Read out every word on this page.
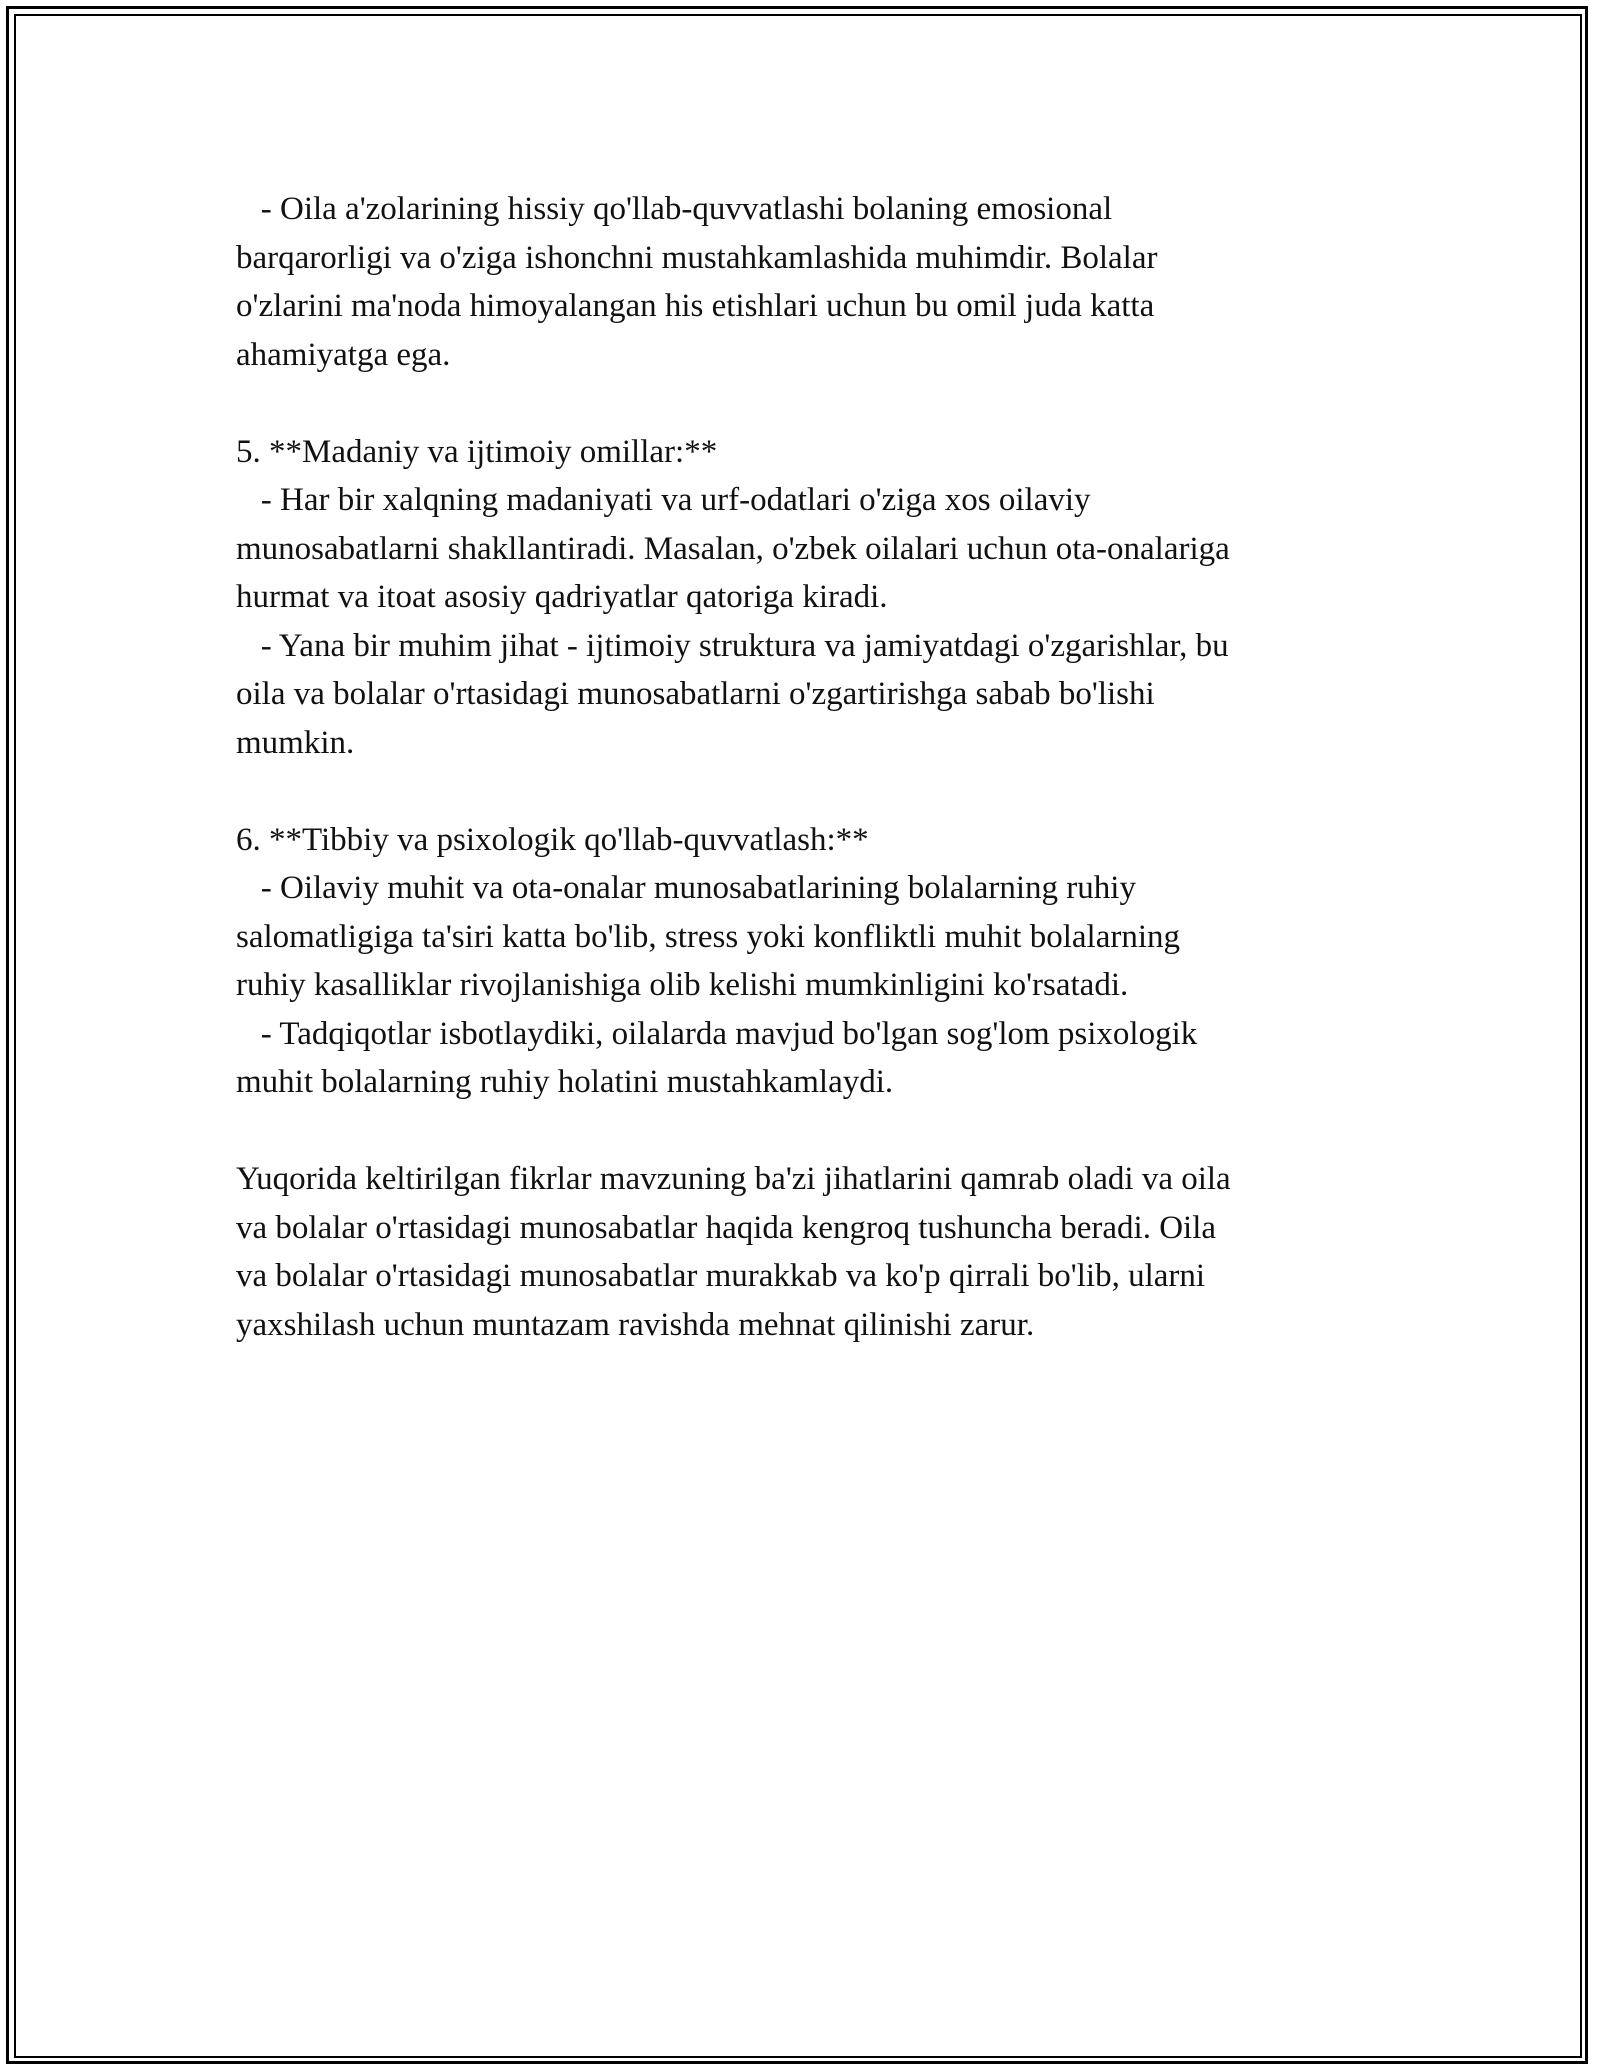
- Oila a'zolarining hissiy qo'llab-quvvatlashi bolaning emosional
barqarorligi va o'ziga ishonchni mustahkamlashida muhimdir. Bolalar
o'zlarini ma'noda himoyalangan his etishlari uchun bu omil juda katta
ahamiyatga ega.
5. **Madaniy va ijtimoiy omillar:**
- Har bir xalqning madaniyati va urf-odatlari o'ziga xos oilaviy
munosabatlarni shakllantiradi. Masalan, o'zbek oilalari uchun ota-onalariga
hurmat va itoat asosiy qadriyatlar qatoriga kiradi.
- Yana bir muhim jihat - ijtimoiy struktura va jamiyatdagi o'zgarishlar, bu
oila va bolalar o'rtasidagi munosabatlarni o'zgartirishga sabab bo'lishi
mumkin.
6. **Tibbiy va psixologik qo'llab-quvvatlash:**
- Oilaviy muhit va ota-onalar munosabatlarining bolalarning ruhiy
salomatligiga ta'siri katta bo'lib, stress yoki konfliktli muhit bolalarning
ruhiy kasalliklar rivojlanishiga olib kelishi mumkinligini ko'rsatadi.
- Tadqiqotlar isbotlaydiki, oilalarda mavjud bo'lgan sog'lom psixologik
muhit bolalarning ruhiy holatini mustahkamlaydi.
Yuqorida keltirilgan fikrlar mavzuning ba'zi jihatlarini qamrab oladi va oila
va bolalar o'rtasidagi munosabatlar haqida kengroq tushuncha beradi. Oila
va bolalar o'rtasidagi munosabatlar murakkab va ko'p qirrali bo'lib, ularni
yaxshilash uchun muntazam ravishda mehnat qilinishi zarur.
